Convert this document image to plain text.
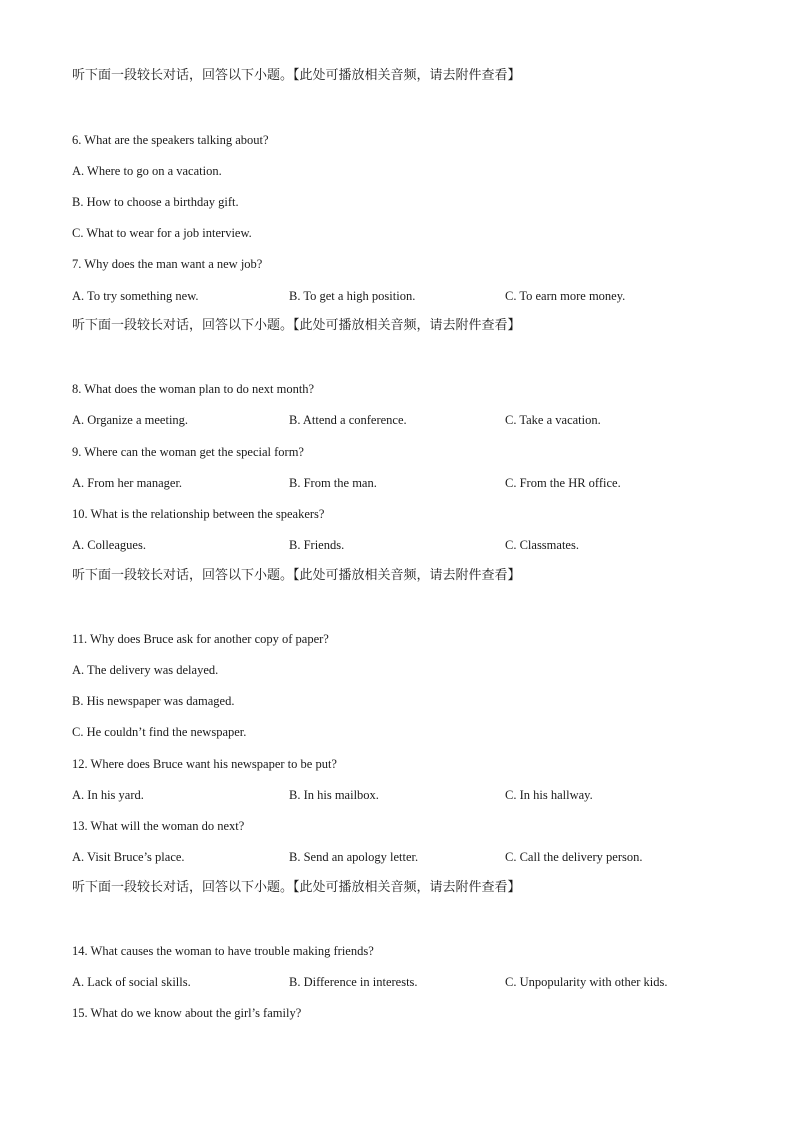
听下面一段较长对话，回答以下小题。【此处可播放相关音频，请去附件查看】
6. What are the speakers talking about?
A. Where to go on a vacation.
B. How to choose a birthday gift.
C. What to wear for a job interview.
7. Why does the man want a new job?
A. To try something new.	B. To get a high position.	C. To earn more money.
听下面一段较长对话，回答以下小题。【此处可播放相关音频，请去附件查看】
8. What does the woman plan to do next month?
A. Organize a meeting.	B. Attend a conference.	C. Take a vacation.
9. Where can the woman get the special form?
A. From her manager.	B. From the man.	C. From the HR office.
10. What is the relationship between the speakers?
A. Colleagues.	B. Friends.	C. Classmates.
听下面一段较长对话，回答以下小题。【此处可播放相关音频，请去附件查看】
11. Why does Bruce ask for another copy of paper?
A. The delivery was delayed.
B. His newspaper was damaged.
C. He couldn’t find the newspaper.
12. Where does Bruce want his newspaper to be put?
A. In his yard.	B. In his mailbox.	C. In his hallway.
13. What will the woman do next?
A. Visit Bruce’s place.	B. Send an apology letter.	C. Call the delivery person.
听下面一段较长对话，回答以下小题。【此处可播放相关音频，请去附件查看】
14. What causes the woman to have trouble making friends?
A. Lack of social skills.	B. Difference in interests.	C. Unpopularity with other kids.
15. What do we know about the girl’s family?
